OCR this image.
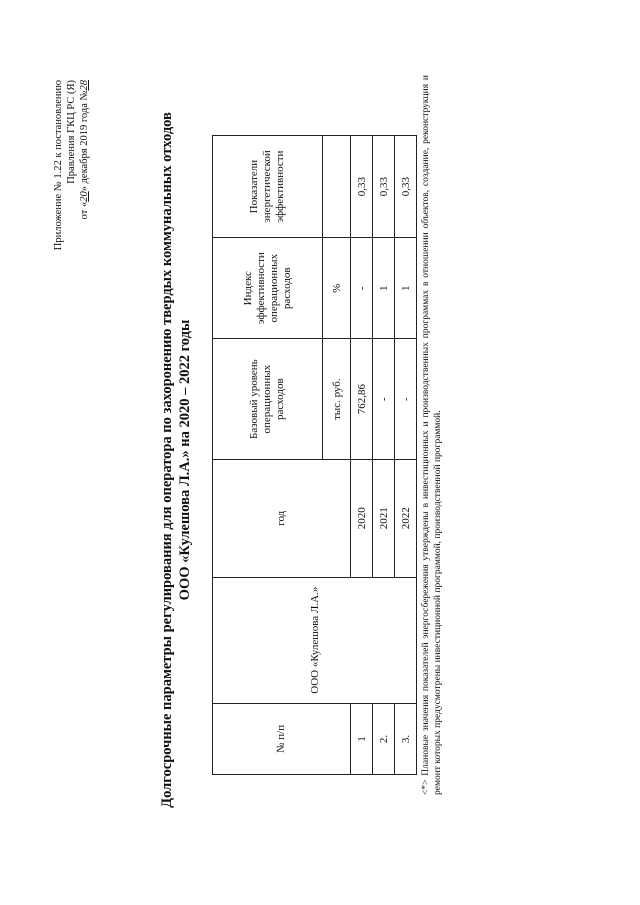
Приложение № 1.22 к постановлению Правления ГКЦ РС (Я)
от «20» декабря 2019 года №28
Долгосрочные параметры регулирования для оператора по захоронению твердых коммунальных отходов ООО «Кулешова Л.А.» на 2020 – 2022 годы
№ п/п	ООО «Кулешова Л.А.»	год	Базовый уровень операционных расходов	Индекс эффективности операционных расходов	Показатели энергетической эффективности
			тыс. руб.	%	
1		2020	762,86	-	0,33
2.		2021	-	1	0,33
3.		2022	-	1	0,33 <*> Плановые значения показателей энергосбережения утверждены в инвестиционных и производственных программах в отношении объектов, создание, реконструкция и ремонт которых предусмотрены инвестиционной программой, производственной программой.
